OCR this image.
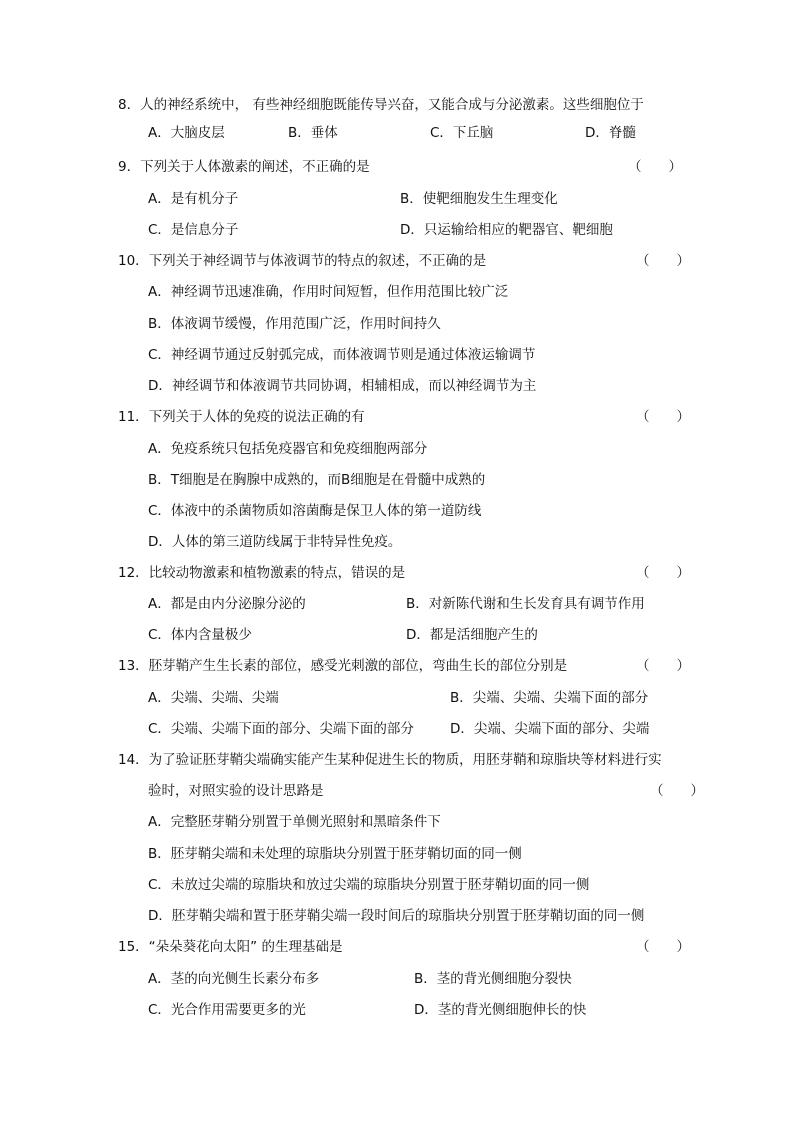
8．人的神经系统中， 有些神经细胞既能传导兴奋，又能合成与分泌激素。这些细胞位于
A．大脑皮层	B．垂体	C．下丘脑	D．脊髓
9．下列关于人体激素的阐述，不正确的是	（　　）
A．是有机分子	B．使靶细胞发生生理变化
C．是信息分子	D．只运输给相应的靶器官、靶细胞
10．下列关于神经调节与体液调节的特点的叙述，不正确的是	（　　）
A．神经调节迅速准确，作用时间短暂，但作用范围比较广泛
B．体液调节缓慢，作用范围广泛，作用时间持久
C．神经调节通过反射弧完成，而体液调节则是通过体液运输调节
D．神经调节和体液调节共同协调，相辅相成，而以神经调节为主
11．下列关于人体的免疫的说法正确的有	（　　）
A．免疫系统只包括免疫器官和免疫细胞两部分
B．T细胞是在胸腺中成熟的，而B细胞是在骨髓中成熟的
C．体液中的杀菌物质如溶菌酶是保卫人体的第一道防线
D．人体的第三道防线属于非特异性免疫。
12．比较动物激素和植物激素的特点，错误的是	（　　）
A．都是由内分泌腺分泌的	B．对新陈代谢和生长发育具有调节作用
C．体内含量极少	D．都是活细胞产生的
13．胚芽鞘产生生长素的部位，感受光刺激的部位，弯曲生长的部位分别是	（　　）
A．尖端、尖端、尖端	B．尖端、尖端、尖端下面的部分
C．尖端、尖端下面的部分、尖端下面的部分	D．尖端、尖端下面的部分、尖端
14．为了验证胚芽鞘尖端确实能产生某种促进生长的物质，用胚芽鞘和琼脂块等材料进行实
验时，对照实验的设计思路是	（　　）
A．完整胚芽鞘分别置于单侧光照射和黑暗条件下
B．胚芽鞘尖端和未处理的琼脂块分别置于胚芽鞘切面的同一侧
C．未放过尖端的琼脂块和放过尖端的琼脂块分别置于胚芽鞘切面的同一侧
D．胚芽鞘尖端和置于胚芽鞘尖端一段时间后的琼脂块分别置于胚芽鞘切面的同一侧
15．“朵朵葵花向太阳” 的生理基础是	（　　）
A．茎的向光侧生长素分布多	B．茎的背光侧细胞分裂快
C．光合作用需要更多的光	D．茎的背光侧细胞伸长的快
